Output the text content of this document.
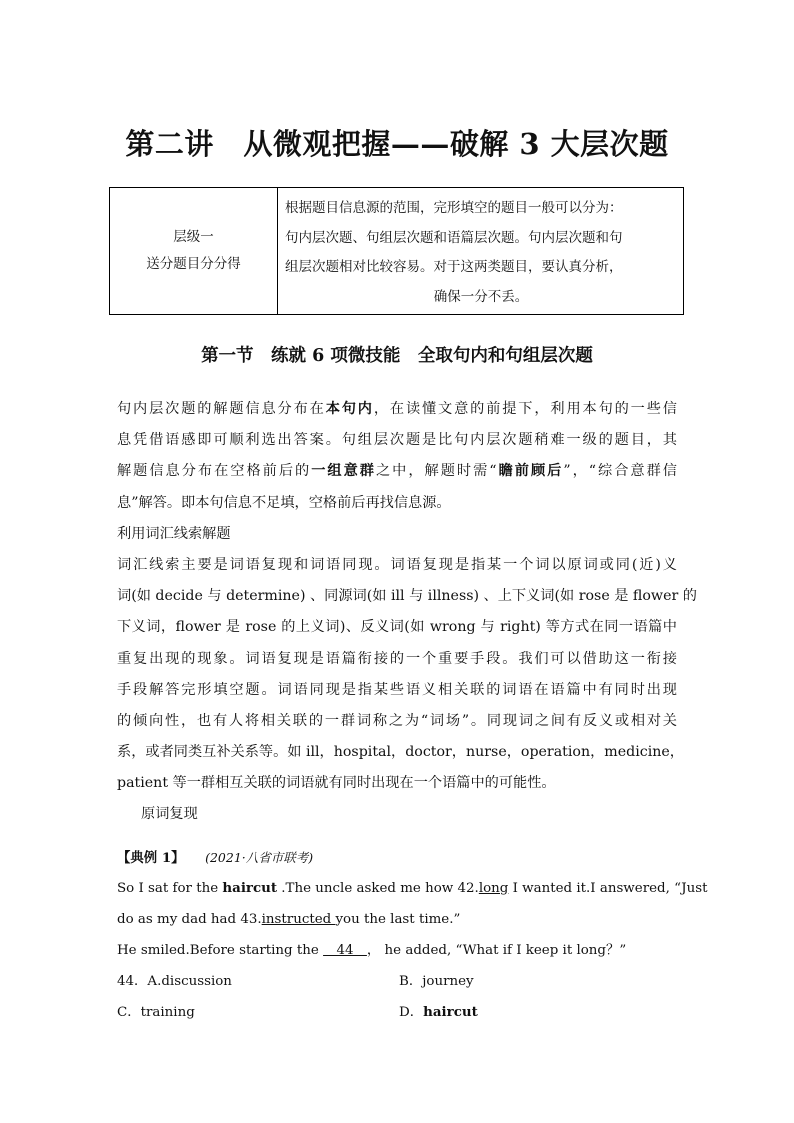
第二讲　从微观把握——破解 3 大层次题
层级一
送分题目分分得
根据题目信息源的范围，完形填空的题目一般可以分为：
句内层次题、句组层次题和语篇层次题。句内层次题和句
组层次题相对比较容易。对于这两类题目，要认真分析，
确保一分不丢。
第一节　练就 6 项微技能　全取句内和句组层次题
句内层次题的解题信息分布在本句内，在读懂文意的前提下，利用本句的一些信
息凭借语感即可顺利选出答案。句组层次题是比句内层次题稍难一级的题目，其
解题信息分布在空格前后的一组意群之中，解题时需“瞻前顾后”，“综合意群信
息”解答。即本句信息不足填，空格前后再找信息源。
利用词汇线索解题
词汇线索主要是词语复现和词语同现。词语复现是指某一个词以原词或同(近)义
词(如 decide 与 determine) 、同源词(如 ill 与 illness) 、上下义词(如 rose 是 flower 的
下义词，flower 是 rose 的上义词)、反义词(如 wrong 与 right) 等方式在同一语篇中
重复出现的现象。词语复现是语篇衔接的一个重要手段。我们可以借助这一衔接
手段解答完形填空题。词语同现是指某些语义相关联的词语在语篇中有同时出现
的倾向性，也有人将相关联的一群词称之为“词场”。同现词之间有反义或相对关
系，或者同类互补关系等。如 ill，hospital，doctor，nurse，operation，medicine，
patient 等一群相互关联的词语就有同时出现在一个语篇中的可能性。
原词复现
【典例 1】 (2021·八省市联考)
So I sat for the haircut .The uncle asked me how 42.long I wanted it.I answered, “Just
do as my dad had 43.instructed you the last time.”
He smiled.Before starting the 　44　， he added, “What if I keep it long？”
44．A.discussion	B．journey
C．training	D．haircut
